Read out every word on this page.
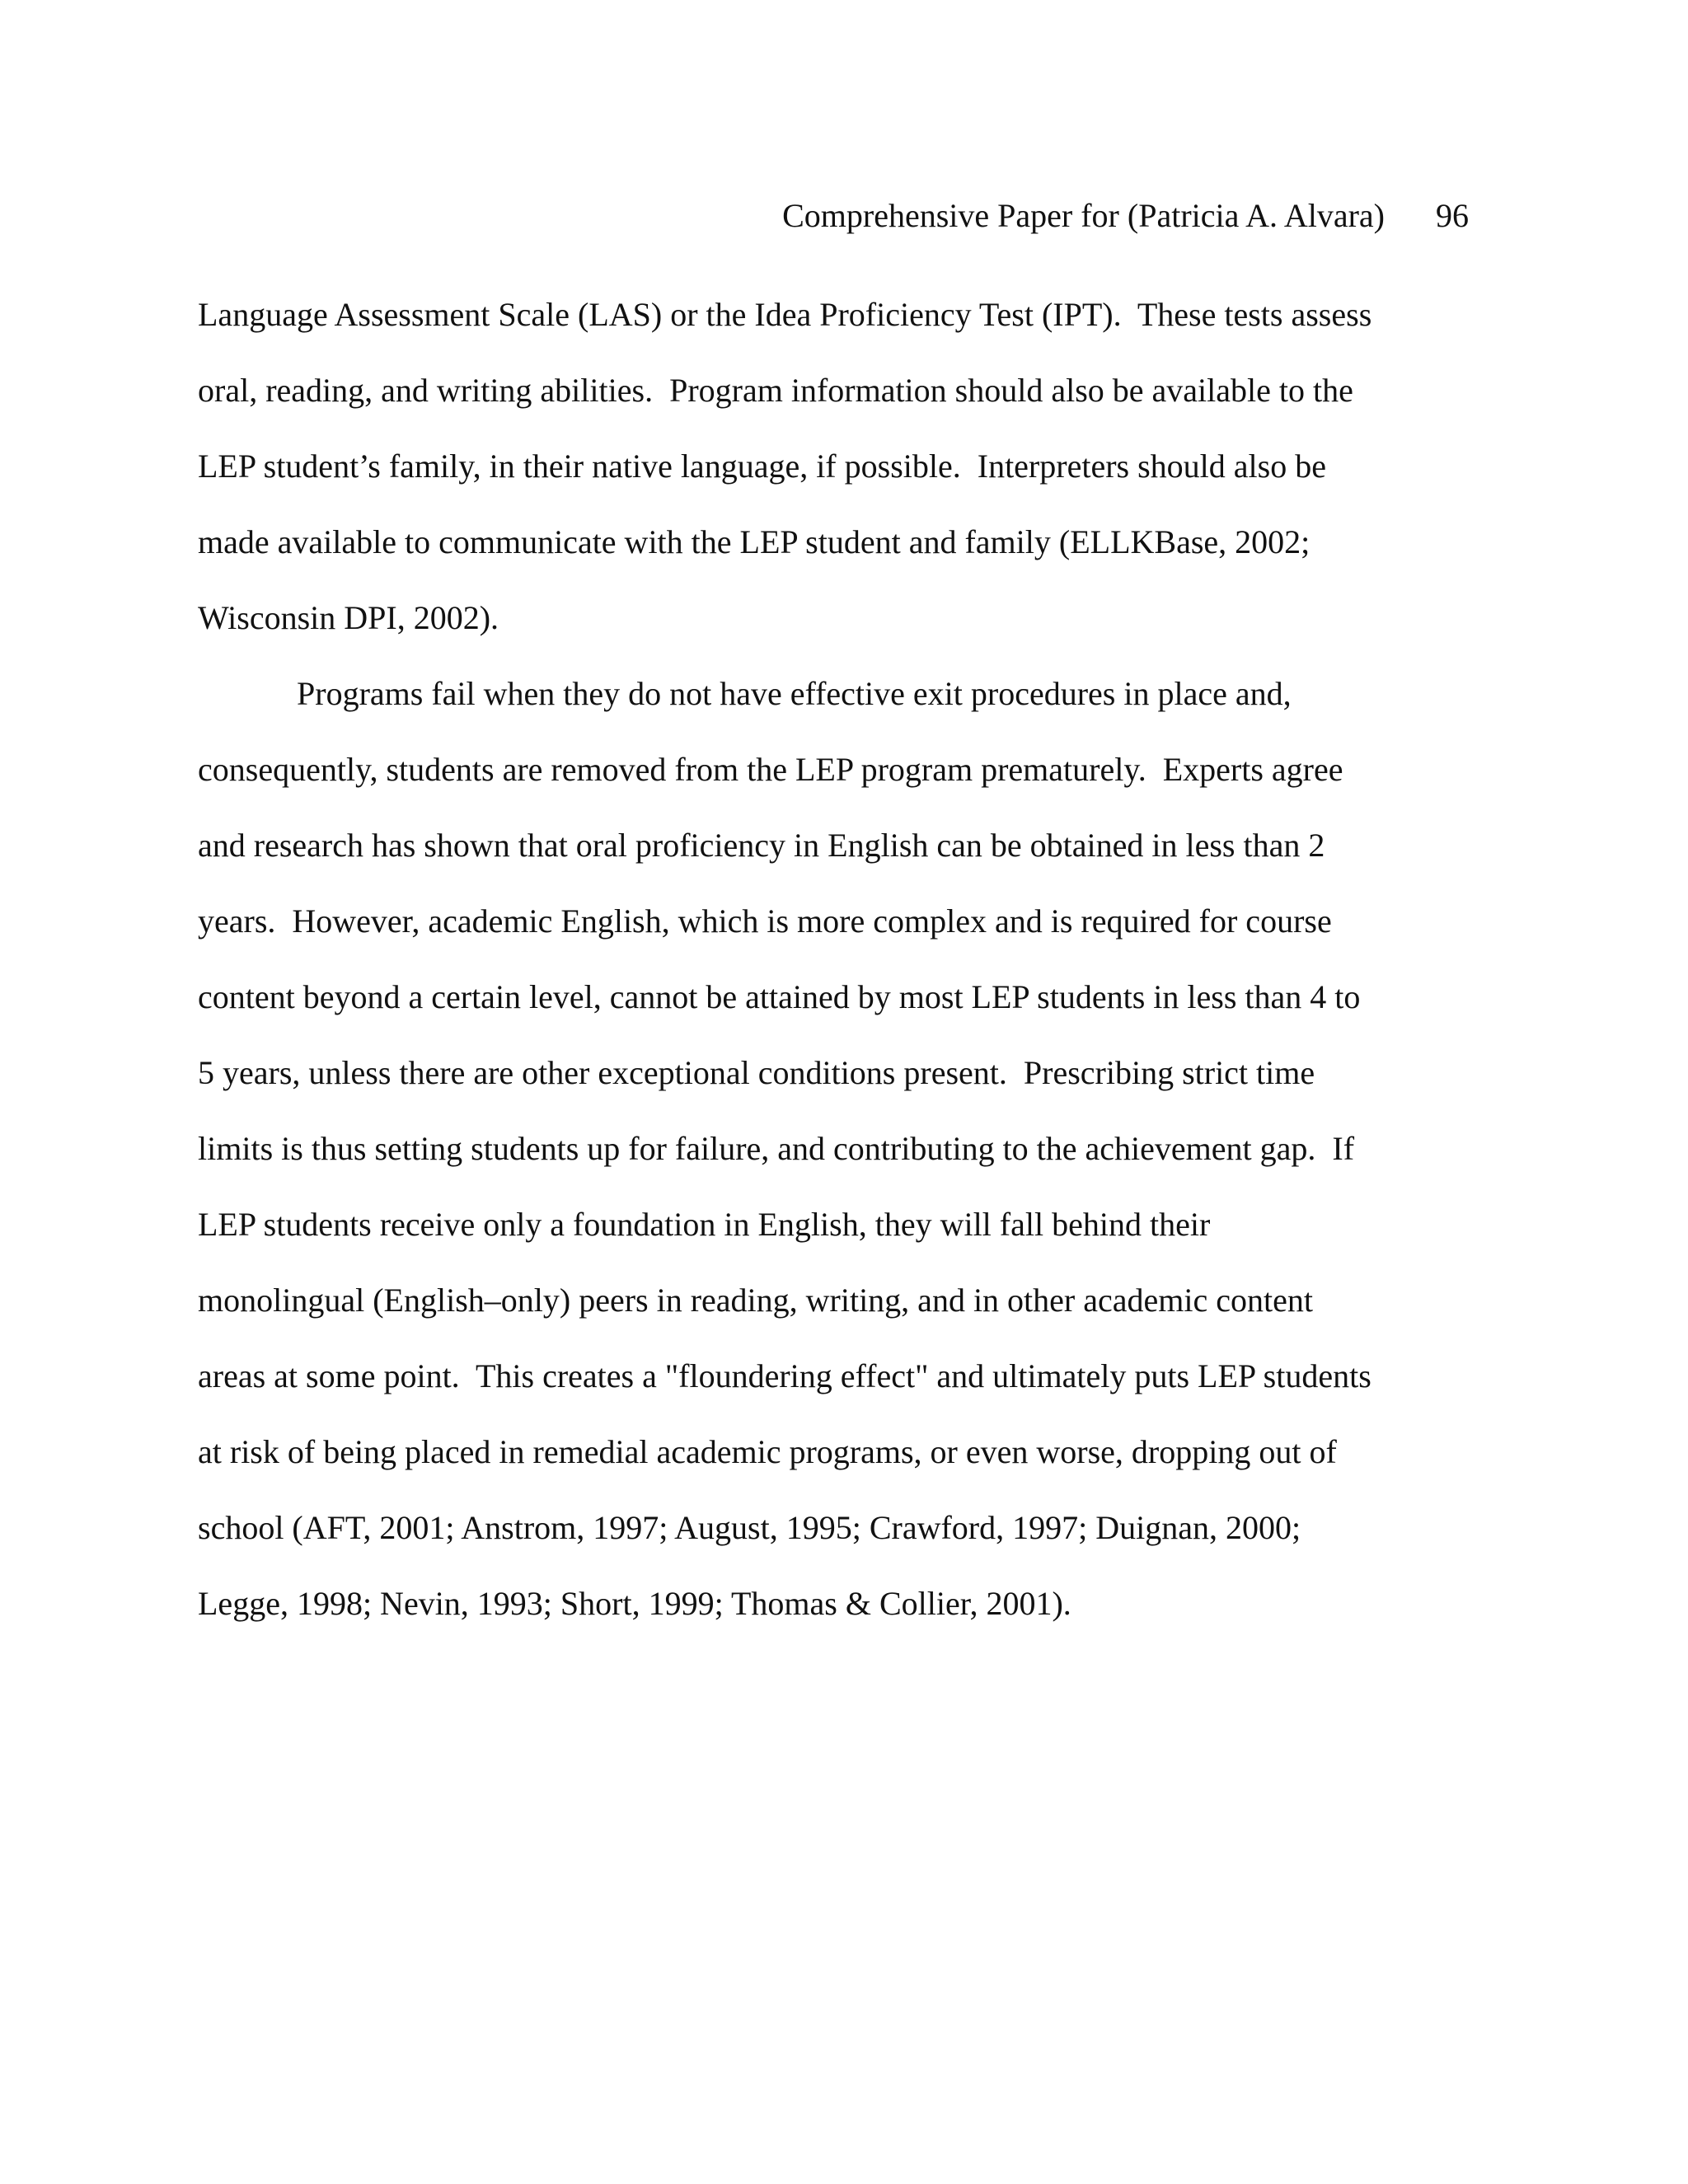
Comprehensive Paper for (Patricia A. Alvara) 96
Language Assessment Scale (LAS) or the Idea Proficiency Test (IPT).  These tests assess
oral, reading, and writing abilities.  Program information should also be available to the
LEP student’s family, in their native language, if possible.  Interpreters should also be
made available to communicate with the LEP student and family (ELLKBase, 2002;
Wisconsin DPI, 2002).
Programs fail when they do not have effective exit procedures in place and,
consequently, students are removed from the LEP program prematurely.  Experts agree
and research has shown that oral proficiency in English can be obtained in less than 2
years.  However, academic English, which is more complex and is required for course
content beyond a certain level, cannot be attained by most LEP students in less than 4 to
5 years, unless there are other exceptional conditions present.  Prescribing strict time
limits is thus setting students up for failure, and contributing to the achievement gap.  If
LEP students receive only a foundation in English, they will fall behind their
monolingual (English–only) peers in reading, writing, and in other academic content
areas at some point.  This creates a "floundering effect" and ultimately puts LEP students
at risk of being placed in remedial academic programs, or even worse, dropping out of
school (AFT, 2001; Anstrom, 1997; August, 1995; Crawford, 1997; Duignan, 2000;
Legge, 1998; Nevin, 1993; Short, 1999; Thomas & Collier, 2001).
